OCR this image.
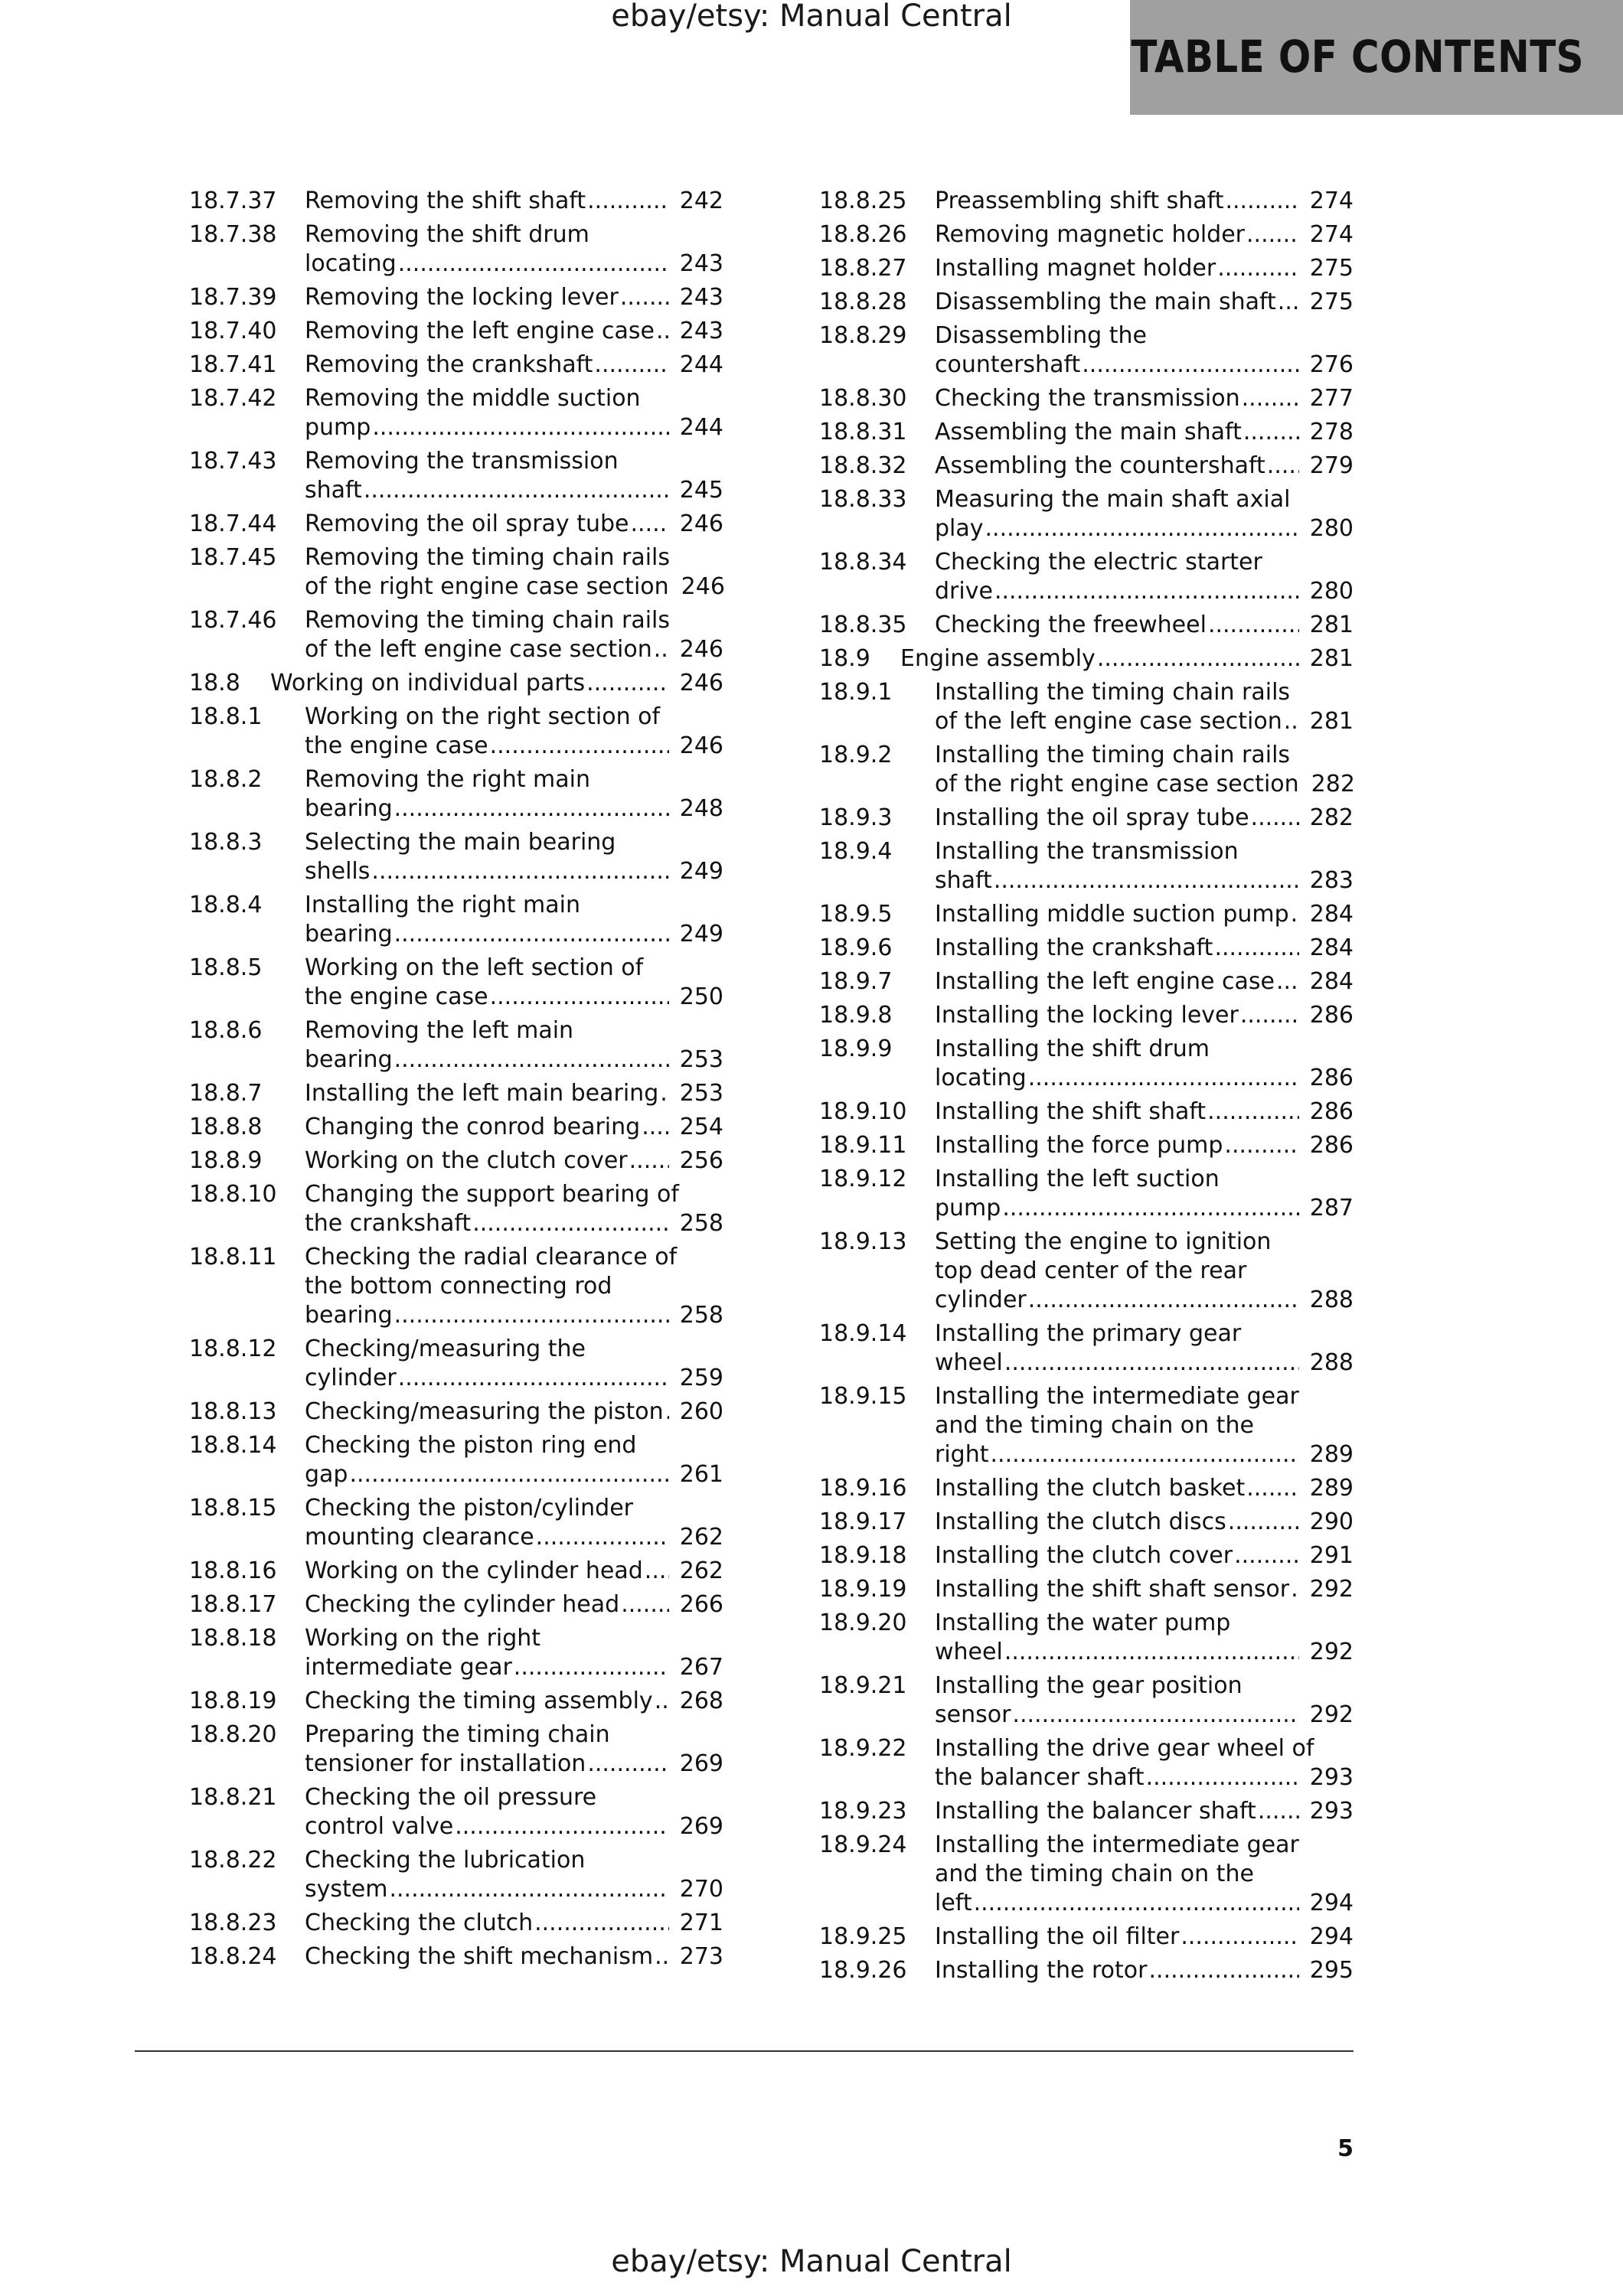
ebay/etsy: Manual Central
TABLE OF CONTENTS
18.7.37	Removing the shift shaft .....	242
18.7.38	Removing the shift drum
locating .....	243
18.7.39	Removing the locking lever .....	243
18.7.40	Removing the left engine case ..... 243
18.7.41	Removing the crankshaft .....	244
18.7.42	Removing the middle suction
pump .....	244
18.7.43	Removing the transmission
shaft .....	245
18.7.44	Removing the oil spray tube ..... 246
18.7.45	Removing the timing chain rails
of the right engine case section 246
18.7.46	Removing the timing chain rails
of the left engine case section ..... 246
18.8	Working on individual parts .....	246
18.8.1	Working on the right section of
the engine case .....	246
18.8.2	Removing the right main
bearing .....	248
18.8.3	Selecting the main bearing
shells .....	249
18.8.4	Installing the right main
bearing .....	249
18.8.5	Working on the left section of
the engine case .....	250
18.8.6	Removing the left main
bearing .....	253
18.8.7	Installing the left main bearing ..... 253
18.8.8	Changing the conrod bearing ..... 254
18.8.9	Working on the clutch cover ..... 256
18.8.10	Changing the support bearing of
the crankshaft .....	258
18.8.11	Checking the radial clearance of
the bottom connecting rod
bearing .....	258
18.8.12	Checking/measuring the
cylinder .....	259
18.8.13	Checking/measuring the piston ..... 260
18.8.14	Checking the piston ring end
gap .....	261
18.8.15	Checking the piston/cylinder
mounting clearance .....	262
18.8.16	Working on the cylinder head ..... 262
18.8.17	Checking the cylinder head .....	266
18.8.18	Working on the right
intermediate gear .....	267
18.8.19	Checking the timing assembly ..... 268
18.8.20	Preparing the timing chain
tensioner for installation .....	269
18.8.21	Checking the oil pressure
control valve .....	269
18.8.22	Checking the lubrication
system .....	270
18.8.23	Checking the clutch .....	271
18.8.24	Checking the shift mechanism ..... 273
18.8.25	Preassembling shift shaft .....	274
18.8.26	Removing magnetic holder .....	274
18.8.27	Installing magnet holder .....	275
18.8.28	Disassembling the main shaft ..... 275
18.8.29	Disassembling the
countershaft .....	276
18.8.30	Checking the transmission .....	277
18.8.31	Assembling the main shaft .....	278
18.8.32	Assembling the countershaft ..... 279
18.8.33	Measuring the main shaft axial
play .....	280
18.8.34	Checking the electric starter
drive .....	280
18.8.35	Checking the freewheel .....	281
18.9	Engine assembly .....	281
18.9.1	Installing the timing chain rails
of the left engine case section ..... 281
18.9.2	Installing the timing chain rails
of the right engine case section 282
18.9.3	Installing the oil spray tube .....	282
18.9.4	Installing the transmission
shaft .....	283
18.9.5	Installing middle suction pump ..... 284
18.9.6	Installing the crankshaft .....	284
18.9.7	Installing the left engine case ..... 284
18.9.8	Installing the locking lever .....	286
18.9.9	Installing the shift drum
locating .....	286
18.9.10	Installing the shift shaft .....	286
18.9.11	Installing the force pump .....	286
18.9.12	Installing the left suction
pump .....	287
18.9.13	Setting the engine to ignition
top dead center of the rear
cylinder .....	288
18.9.14	Installing the primary gear
wheel .....	288
18.9.15	Installing the intermediate gear
and the timing chain on the
right .....	289
18.9.16	Installing the clutch basket .....	289
18.9.17	Installing the clutch discs .....	290
18.9.18	Installing the clutch cover .....	291
18.9.19	Installing the shift shaft sensor ..... 292
18.9.20	Installing the water pump
wheel .....	292
18.9.21	Installing the gear position
sensor .....	292
18.9.22	Installing the drive gear wheel of
the balancer shaft .....	293
18.9.23	Installing the balancer shaft ..... 293
18.9.24	Installing the intermediate gear
and the timing chain on the
left .....	294
18.9.25	Installing the oil filter .....	294
18.9.26	Installing the rotor .....	295
5
ebay/etsy: Manual Central
